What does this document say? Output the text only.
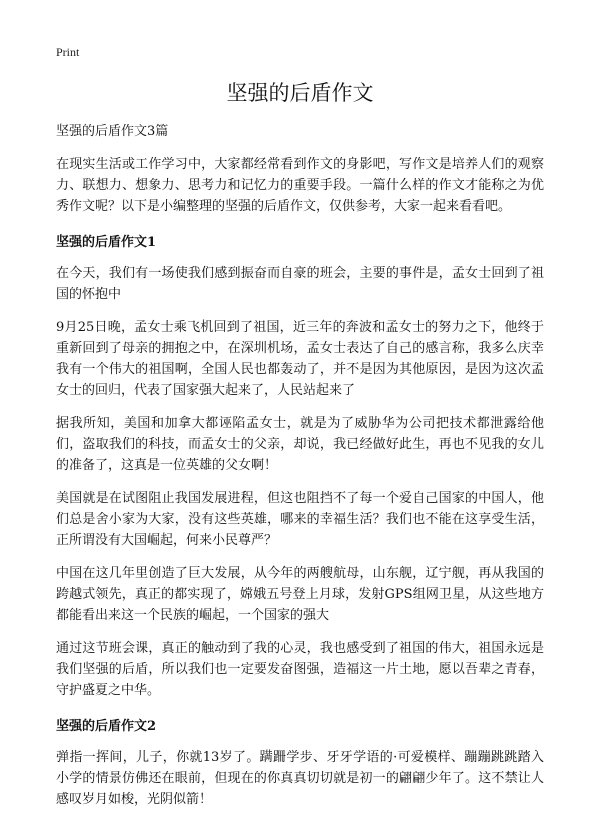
Print
坚强的后盾作文
坚强的后盾作文3篇

在现实生活或工作学习中，大家都经常看到作文的身影吧，写作文是培养人们的观察力、联想力、想象力、思考力和记忆力的重要手段。一篇什么样的作文才能称之为优秀作文呢？以下是小编整理的坚强的后盾作文，仅供参考，大家一起来看看吧。

坚强的后盾作文1

在今天，我们有一场使我们感到振奋而自豪的班会，主要的事件是，孟女士回到了祖国的怀抱中

9月25日晚，孟女士乘飞机回到了祖国，近三年的奔波和孟女士的努力之下，他终于重新回到了母亲的拥抱之中，在深圳机场，孟女士表达了自己的感言称，我多么庆幸我有一个伟大的祖国啊，全国人民也都轰动了，并不是因为其他原因，是因为这次孟女士的回归，代表了国家强大起来了，人民站起来了

据我所知，美国和加拿大都诬陷孟女士，就是为了威胁华为公司把技术都泄露给他们，盗取我们的科技，而孟女士的父亲，却说，我已经做好此生，再也不见我的女儿的准备了，这真是一位英雄的父女啊！

美国就是在试图阻止我国发展进程，但这也阻挡不了每一个爱自己国家的中国人，他们总是舍小家为大家，没有这些英雄，哪来的幸福生活？我们也不能在这享受生活，正所谓没有大国崛起，何来小民尊严？

中国在这几年里创造了巨大发展，从今年的两艘航母，山东舰，辽宁舰，再从我国的跨越式领先，真正的都实现了，嫦娥五号登上月球，发射GPS组网卫星，从这些地方都能看出来这一个民族的崛起，一个国家的强大

通过这节班会课，真正的触动到了我的心灵，我也感受到了祖国的伟大，祖国永远是我们坚强的后盾，所以我们也一定要发奋图强，造福这一片土地，愿以吾辈之青春，守护盛夏之中华。

坚强的后盾作文2

弹指一挥间，儿子，你就13岁了。蹒跚学步、牙牙学语的·可爱模样、蹦蹦跳跳踏入小学的情景仿佛还在眼前，但现在的你真真切切就是初一的翩翩少年了。这不禁让人感叹岁月如梭，光阴似箭！
